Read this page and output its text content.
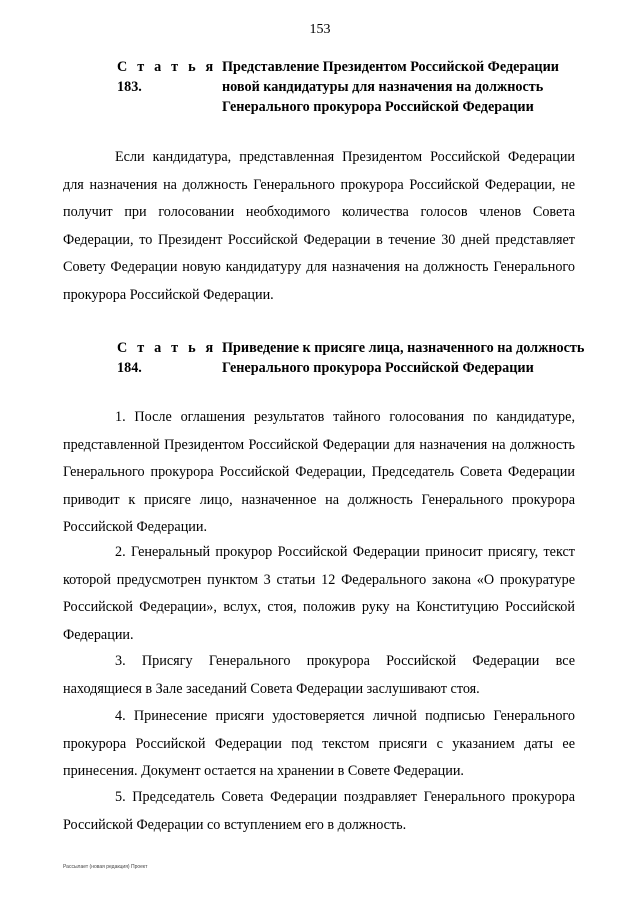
153
С т а т ь я 183.
Представление Президентом Российской Федерации новой кандидатуры для назначения на должность Генерального прокурора Российской Федерации
Если кандидатура, представленная Президентом Российской Федерации для назначения на должность Генерального прокурора Российской Федерации, не получит при голосовании необходимого количества голосов членов Совета Федерации, то Президент Российской Федерации в течение 30 дней представляет Совету Федерации новую кандидатуру для назначения на должность Генерального прокурора Российской Федерации.
С т а т ь я 184.
Приведение к присяге лица, назначенного на должность Генерального прокурора Российской Федерации
1. После оглашения результатов тайного голосования по кандидатуре, представленной Президентом Российской Федерации для назначения на должность Генерального прокурора Российской Федерации, Председатель Совета Федерации приводит к присяге лицо, назначенное на должность Генерального прокурора Российской Федерации.
2. Генеральный прокурор Российской Федерации приносит присягу, текст которой предусмотрен пунктом 3 статьи 12 Федерального закона «О прокуратуре Российской Федерации», вслух, стоя, положив руку на Конституцию Российской Федерации.
3. Присягу Генерального прокурора Российской Федерации все находящиеся в Зале заседаний Совета Федерации заслушивают стоя.
4. Принесение присяги удостоверяется личной подписью Генерального прокурора Российской Федерации под текстом присяги с указанием даты ее принесения. Документ остается на хранении в Совете Федерации.
5. Председатель Совета Федерации поздравляет Генерального прокурора Российской Федерации со вступлением его в должность.
Рассылает (новая редакция) Проект
